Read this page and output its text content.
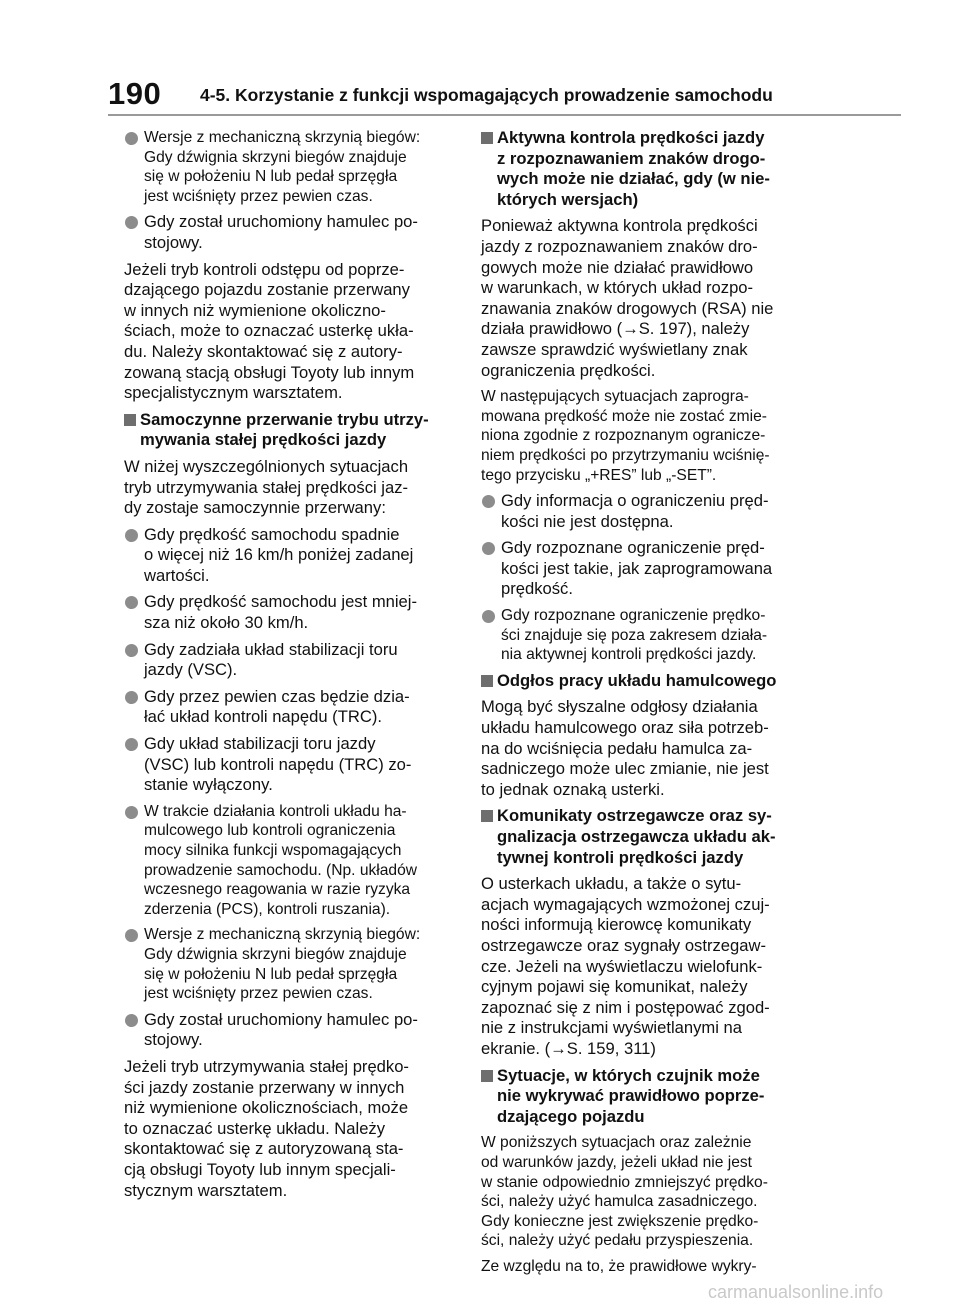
190 4-5. Korzystanie z funkcji wspomagających prowadzenie samochodu
Wersje z mechaniczną skrzynią biegów:
Gdy dźwignia skrzyni biegów znajduje
się w położeniu N lub pedał sprzęgła
jest wciśnięty przez pewien czas.
Gdy został uruchomiony hamulec po-
stojowy.
Jeżeli tryb kontroli odstępu od poprze-
dzającego pojazdu zostanie przerwany
w innych niż wymienione okoliczno-
ściach, może to oznaczać usterkę ukła-
du. Należy skontaktować się z autory-
zowaną stacją obsługi Toyoty lub innym
specjalistycznym warsztatem.
Samoczynne przerwanie trybu utrzy-
mywania stałej prędkości jazdy
W niżej wyszczególnionych sytuacjach
tryb utrzymywania stałej prędkości jaz-
dy zostaje samoczynnie przerwany:
Gdy prędkość samochodu spadnie
o więcej niż 16 km/h poniżej zadanej
wartości.
Gdy prędkość samochodu jest mniej-
sza niż około 30 km/h.
Gdy zadziała układ stabilizacji toru
jazdy (VSC).
Gdy przez pewien czas będzie dzia-
łać układ kontroli napędu (TRC).
Gdy układ stabilizacji toru jazdy
(VSC) lub kontroli napędu (TRC) zo-
stanie wyłączony.
W trakcie działania kontroli układu ha-
mulcowego lub kontroli ograniczenia
mocy silnika funkcji wspomagających
prowadzenie samochodu. (Np. układów
wczesnego reagowania w razie ryzyka
zderzenia (PCS), kontroli ruszania).
Wersje z mechaniczną skrzynią biegów:
Gdy dźwignia skrzyni biegów znajduje
się w położeniu N lub pedał sprzęgła
jest wciśnięty przez pewien czas.
Gdy został uruchomiony hamulec po-
stojowy.
Jeżeli tryb utrzymywania stałej prędko-
ści jazdy zostanie przerwany w innych
niż wymienione okolicznościach, może
to oznaczać usterkę układu. Należy
skontaktować się z autoryzowaną sta-
cją obsługi Toyoty lub innym specjali-
stycznym warsztatem.
Aktywna kontrola prędkości jazdy
z rozpoznawaniem znaków drogo-
wych może nie działać, gdy (w nie-
których wersjach)
Ponieważ aktywna kontrola prędkości
jazdy z rozpoznawaniem znaków dro-
gowych może nie działać prawidłowo
w warunkach, w których układ rozpo-
znawania znaków drogowych (RSA) nie
działa prawidłowo (→S. 197), należy
zawsze sprawdzić wyświetlany znak
ograniczenia prędkości.
W następujących sytuacjach zaprogra-
mowana prędkość może nie zostać zmie-
niona zgodnie z rozpoznanym ogranicze-
niem prędkości po przytrzymaniu wciśnię-
tego przycisku „+RES” lub „-SET”.
Gdy informacja o ograniczeniu pręd-
kości nie jest dostępna.
Gdy rozpoznane ograniczenie pręd-
kości jest takie, jak zaprogramowana
prędkość.
Gdy rozpoznane ograniczenie prędko-
ści znajduje się poza zakresem działa-
nia aktywnej kontroli prędkości jazdy.
Odgłos pracy układu hamulcowego
Mogą być słyszalne odgłosy działania
układu hamulcowego oraz siła potrzeb-
na do wciśnięcia pedału hamulca za-
sadniczego może ulec zmianie, nie jest
to jednak oznaką usterki.
Komunikaty ostrzegawcze oraz sy-
gnalizacja ostrzegawcza układu ak-
tywnej kontroli prędkości jazdy
O usterkach układu, a także o sytu-
acjach wymagających wzmożonej czuj-
ności informują kierowcę komunikaty
ostrzegawcze oraz sygnały ostrzegaw-
cze. Jeżeli na wyświetlaczu wielofunk-
cyjnym pojawi się komunikat, należy
zapoznać się z nim i postępować zgod-
nie z instrukcjami wyświetlanymi na
ekranie. (→S. 159, 311)
Sytuacje, w których czujnik może
nie wykrywać prawidłowo poprze-
dzającego pojazdu
W poniższych sytuacjach oraz zależnie
od warunków jazdy, jeżeli układ nie jest
w stanie odpowiednio zmniejszyć prędko-
ści, należy użyć hamulca zasadniczego.
Gdy konieczne jest zwiększenie prędko-
ści, należy użyć pedału przyspieszenia.
Ze względu na to, że prawidłowe wykry-
carmanualsonline.info
